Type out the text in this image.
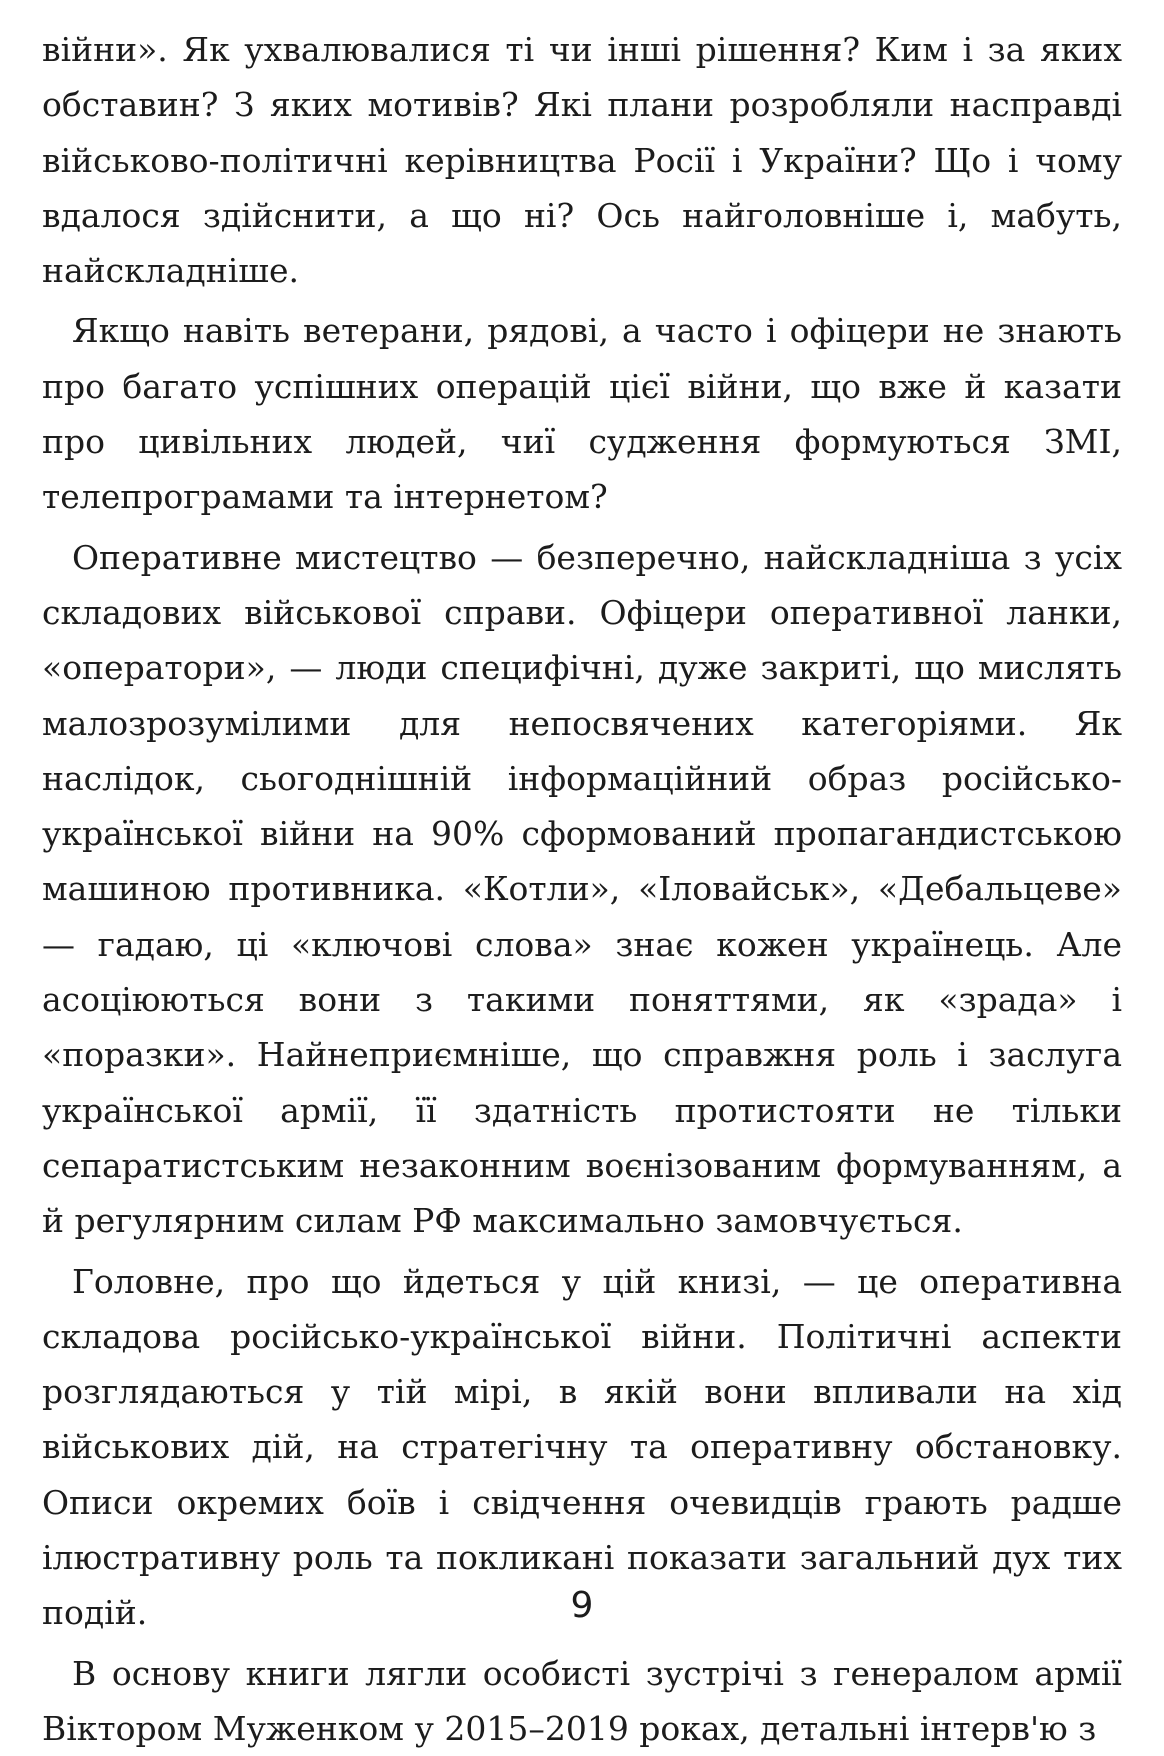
війни». Як ухвалювалися ті чи інші рішення? Ким і за яких обставин? З яких мотивів? Які плани розробляли насправді військово-політичні керівництва Росії і України? Що і чому вдалося здійснити, а що ні? Ось найголовніше і, мабуть, найскладніше.

Якщо навіть ветерани, рядові, а часто і офіцери не знають про багато успішних операцій цієї війни, що вже й казати про цивільних людей, чиї судження формуються ЗМІ, телепрограмами та інтернетом?

Оперативне мистецтво — безперечно, найскладніша з усіх складових військової справи. Офіцери оперативної ланки, «оператори», — люди специфічні, дуже закриті, що мислять малозрозумілими для непосвячених категоріями. Як наслідок, сьогоднішній інформаційний образ російсько-української війни на 90% сформований пропагандистською машиною противника. «Котли», «Іловайськ», «Дебальцеве» — гадаю, ці «ключові слова» знає кожен українець. Але асоціюються вони з такими поняттями, як «зрада» і «поразки». Найнеприємніше, що справжня роль і заслуга української армії, її здатність протистояти не тільки сепаратистським незаконним воєнізованим формуванням, а й регулярним силам РФ максимально замовчується.

Головне, про що йдеться у цій книзі, — це оперативна складова російсько-української війни. Політичні аспекти розглядаються у тій мірі, в якій вони впливали на хід військових дій, на стратегічну та оперативну обстановку. Описи окремих боїв і свідчення очевидців грають радше ілюстративну роль та покликані показати загальний дух тих подій.

В основу книги лягли особисті зустрічі з генералом армії Віктором Муженком у 2015–2019 роках, детальні інтерв'ю з

9
